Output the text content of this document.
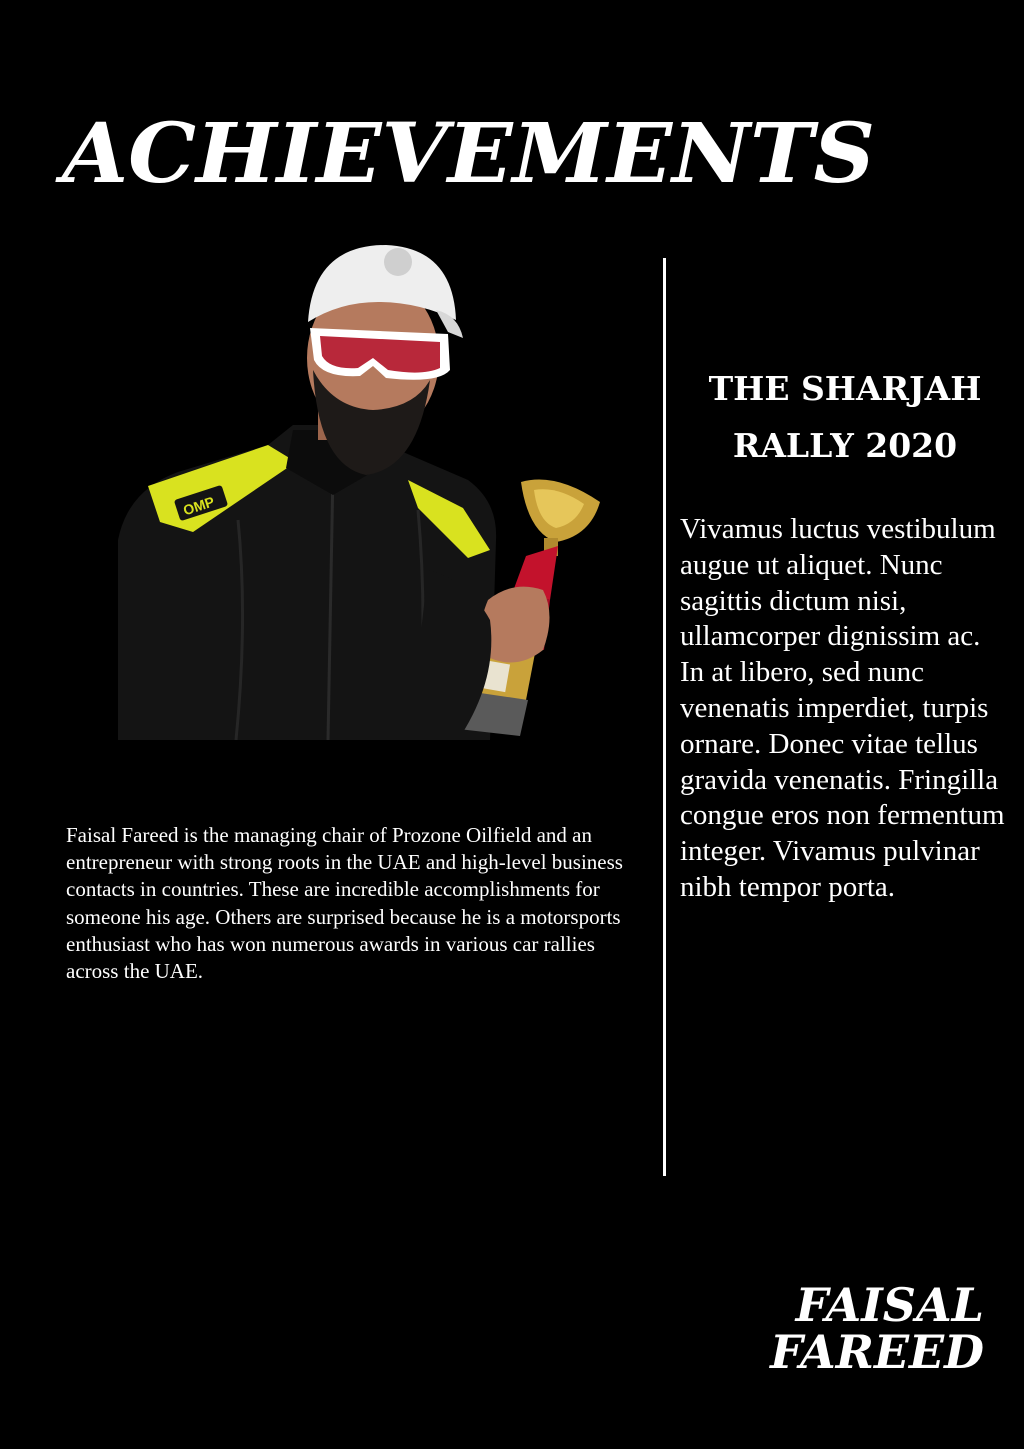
ACHIEVEMENTS
OMP

Faisal Fareed is the managing chair of Prozone Oilfield and an entrepreneur with strong roots in the UAE and high-level business contacts in countries. These are incredible accomplishments for someone his age. Others are surprised because he is a motorsports enthusiast who has won numerous awards in various car rallies across the UAE.

THE SHARJAH
RALLY 2020

Vivamus luctus vestibulum augue ut aliquet. Nunc sagittis dictum nisi, ullamcorper dignissim ac. In at libero, sed nunc venenatis imperdiet, turpis ornare. Donec vitae tellus gravida venenatis. Fringilla congue eros non fermentum integer. Vivamus pulvinar nibh tempor porta.

FAISAL
FAREED
